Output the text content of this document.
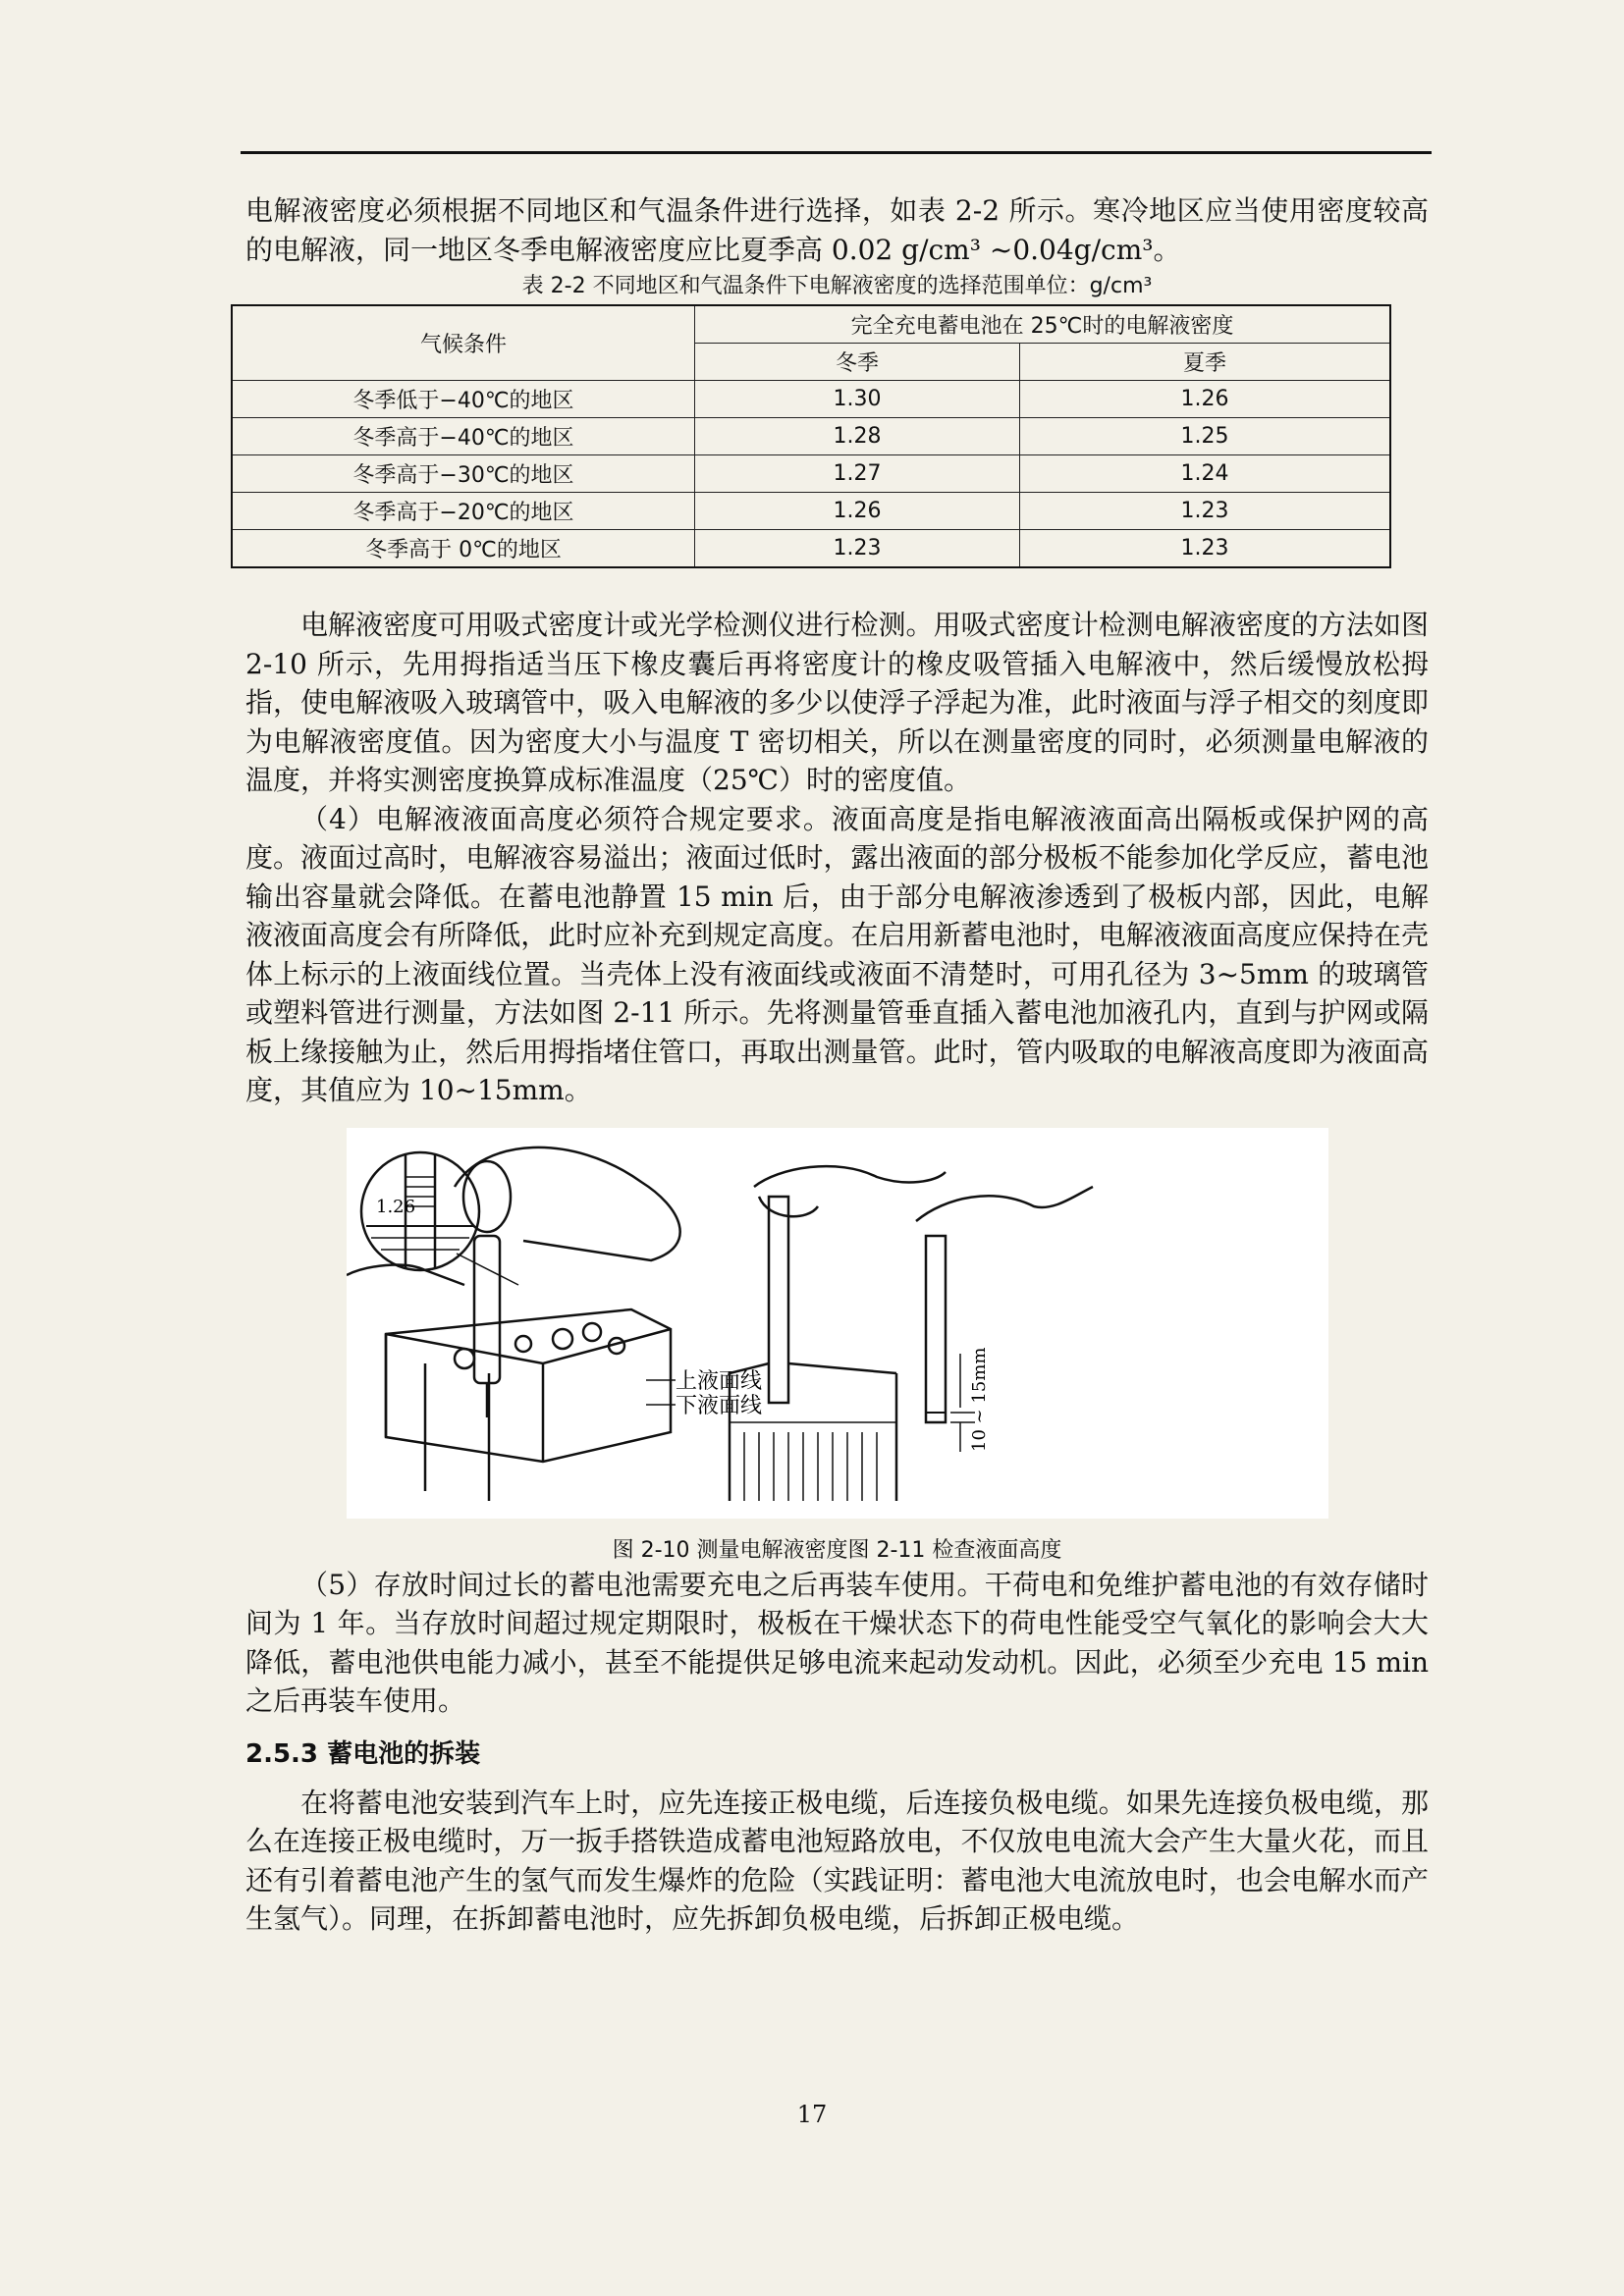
电解液密度必须根据不同地区和气温条件进行选择，如表 2-2 所示。寒冷地区应当使用密度较高的电解液，同一地区冬季电解液密度应比夏季高 0.02 g/cm³ ~0.04g/cm³。

表 2-2 不同地区和气温条件下电解液密度的选择范围单位：g/cm³
气候条件	完全充电蓄电池在 25℃时的电解液密度	
	冬季	夏季
冬季低于−40℃的地区	1.30	1.26
冬季高于−40℃的地区	1.28	1.25
冬季高于−30℃的地区	1.27	1.24
冬季高于−20℃的地区	1.26	1.23
冬季高于 0℃的地区	1.23	1.23

电解液密度可用吸式密度计或光学检测仪进行检测。用吸式密度计检测电解液密度的方法如图 2-10 所示，先用拇指适当压下橡皮囊后再将密度计的橡皮吸管插入电解液中，然后缓慢放松拇指，使电解液吸入玻璃管中，吸入电解液的多少以使浮子浮起为准，此时液面与浮子相交的刻度即为电解液密度值。因为密度大小与温度 T 密切相关，所以在测量密度的同时，必须测量电解液的温度，并将实测密度换算成标准温度（25℃）时的密度值。

（4）电解液液面高度必须符合规定要求。液面高度是指电解液液面高出隔板或保护网的高度。液面过高时，电解液容易溢出；液面过低时，露出液面的部分极板不能参加化学反应，蓄电池输出容量就会降低。在蓄电池静置 15 min 后，由于部分电解液渗透到了极板内部，因此，电解液液面高度会有所降低，此时应补充到规定高度。在启用新蓄电池时，电解液液面高度应保持在壳体上标示的上液面线位置。当壳体上没有液面线或液面不清楚时，可用孔径为 3~5mm 的玻璃管或塑料管进行测量，方法如图 2-11 所示。先将测量管垂直插入蓄电池加液孔内，直到与护网或隔板上缘接触为止，然后用拇指堵住管口，再取出测量管。此时，管内吸取的电解液高度即为液面高度，其值应为 10~15mm。

1.26
上液面线
下液面线	10 ~ 15mm
图 2-10 测量电解液密度图 2-11 检查液面高度

（5）存放时间过长的蓄电池需要充电之后再装车使用。干荷电和免维护蓄电池的有效存储时间为 1 年。当存放时间超过规定期限时，极板在干燥状态下的荷电性能受空气氧化的影响会大大降低，蓄电池供电能力减小，甚至不能提供足够电流来起动发动机。因此，必须至少充电 15 min 之后再装车使用。

2.5.3 蓄电池的拆装

在将蓄电池安装到汽车上时，应先连接正极电缆，后连接负极电缆。如果先连接负极电缆，那么在连接正极电缆时，万一扳手搭铁造成蓄电池短路放电，不仅放电电流大会产生大量火花，而且还有引着蓄电池产生的氢气而发生爆炸的危险（实践证明：蓄电池大电流放电时，也会电解水而产生氢气）。同理，在拆卸蓄电池时，应先拆卸负极电缆，后拆卸正极电缆。

17
